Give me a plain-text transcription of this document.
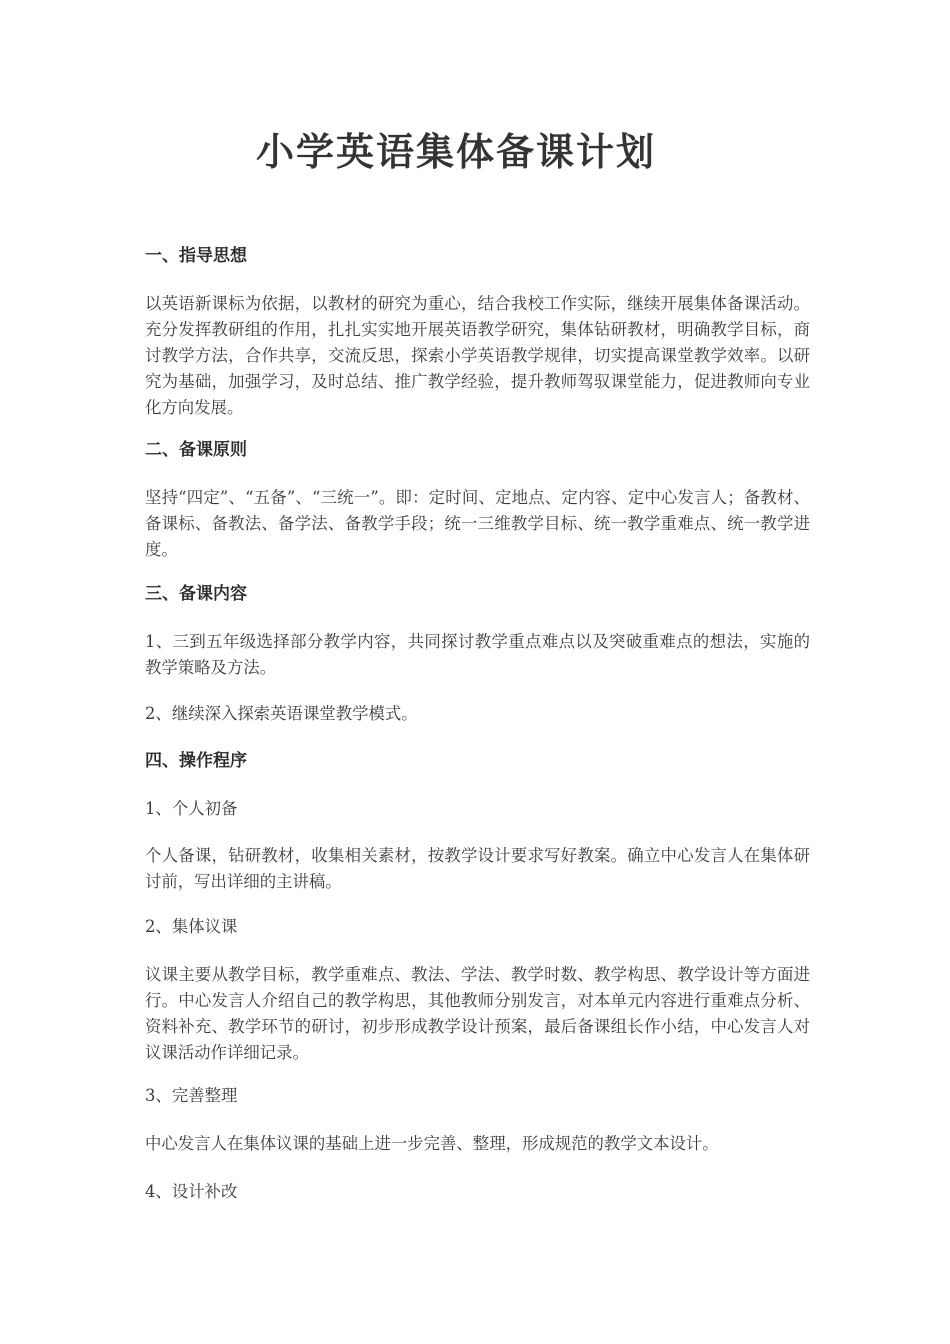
小学英语集体备课计划
一、指导思想
以英语新课标为依据，以教材的研究为重心，结合我校工作实际，继续开展集体备课活动。充分发挥教研组的作用，扎扎实实地开展英语教学研究，集体钻研教材，明确教学目标，商讨教学方法，合作共享，交流反思，探索小学英语教学规律，切实提高课堂教学效率。以研究为基础，加强学习，及时总结、推广教学经验，提升教师驾驭课堂能力，促进教师向专业化方向发展。
二、备课原则
坚持“四定”、“五备”、“三统一”。即：定时间、定地点、定内容、定中心发言人；备教材、备课标、备教法、备学法、备教学手段；统一三维教学目标、统一教学重难点、统一教学进度。
三、备课内容
1、三到五年级选择部分教学内容，共同探讨教学重点难点以及突破重难点的想法，实施的教学策略及方法。
2、继续深入探索英语课堂教学模式。
四、操作程序
1、个人初备
个人备课，钻研教材，收集相关素材，按教学设计要求写好教案。确立中心发言人在集体研讨前，写出详细的主讲稿。
2、集体议课
议课主要从教学目标，教学重难点、教法、学法、教学时数、教学构思、教学设计等方面进行。中心发言人介绍自己的教学构思，其他教师分别发言，对本单元内容进行重难点分析、资料补充、教学环节的研讨，初步形成教学设计预案，最后备课组长作小结，中心发言人对议课活动作详细记录。
3、完善整理
中心发言人在集体议课的基础上进一步完善、整理，形成规范的教学文本设计。
4、设计补改
